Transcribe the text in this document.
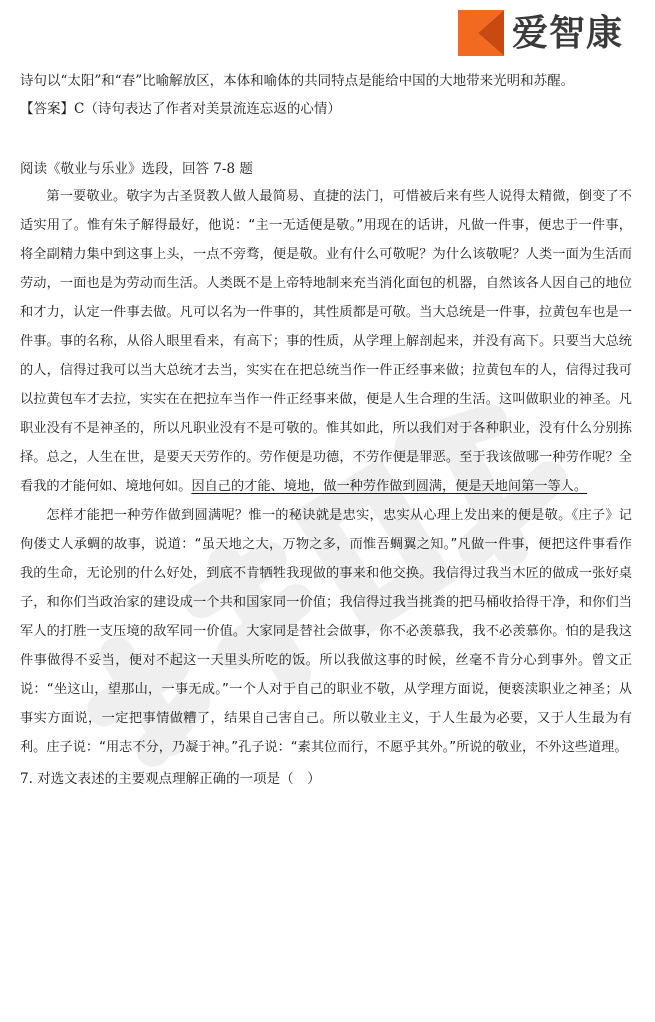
爱智康

诗句以“太阳”和“春”比喻解放区，本体和喻体的共同特点是能给中国的大地带来光明和苏醒。

【答案】C（诗句表达了作者对美景流连忘返的心情）

阅读《敬业与乐业》选段，回答 7-8 题

第一要敬业。敬字为古圣贤教人做人最简易、直捷的法门，可惜被后来有些人说得太精微，倒变了不适实用了。惟有朱子解得最好，他说：“主一无适便是敬。”用现在的话讲，凡做一件事，便忠于一件事，将全副精力集中到这事上头，一点不旁骛，便是敬。业有什么可敬呢？为什么该敬呢？人类一面为生活而劳动，一面也是为劳动而生活。人类既不是上帝特地制来充当消化面包的机器，自然该各人因自己的地位和才力，认定一件事去做。凡可以名为一件事的，其性质都是可敬。当大总统是一件事，拉黄包车也是一件事。事的名称，从俗人眼里看来，有高下；事的性质，从学理上解剖起来，并没有高下。只要当大总统的人，信得过我可以当大总统才去当，实实在在把总统当作一件正经事来做；拉黄包车的人，信得过我可以拉黄包车才去拉，实实在在把拉车当作一件正经事来做，便是人生合理的生活。这叫做职业的神圣。凡职业没有不是神圣的，所以凡职业没有不是可敬的。惟其如此，所以我们对于各种职业，没有什么分别拣择。总之，人生在世，是要天天劳作的。劳作便是功德，不劳作便是罪恶。至于我该做哪一种劳作呢？全看我的才能何如、境地何如。因自己的才能、境地，做一种劳作做到圆满，便是天地间第一等人。

怎样才能把一种劳作做到圆满呢？惟一的秘诀就是忠实，忠实从心理上发出来的便是敬。《庄子》记佝偻丈人承蜩的故事，说道：“虽天地之大，万物之多，而惟吾蜩翼之知。”凡做一件事，便把这件事看作我的生命，无论别的什么好处，到底不肯牺牲我现做的事来和他交换。我信得过我当木匠的做成一张好桌子，和你们当政治家的建设成一个共和国家同一价值；我信得过我当挑粪的把马桶收拾得干净，和你们当军人的打胜一支压境的敌军同一价值。大家同是替社会做事，你不必羡慕我，我不必羡慕你。怕的是我这件事做得不妥当，便对不起这一天里头所吃的饭。所以我做这事的时候，丝毫不肯分心到事外。曾文正说：“坐这山，望那山，一事无成。”一个人对于自己的职业不敬，从学理方面说，便亵渎职业之神圣；从事实方面说，一定把事情做糟了，结果自己害自己。所以敬业主义，于人生最为必要，又于人生最为有利。庄子说：“用志不分，乃凝于神。”孔子说：“素其位而行，不愿乎其外。”所说的敬业，不外这些道理。

7. 对选文表述的主要观点理解正确的一项是（　）
